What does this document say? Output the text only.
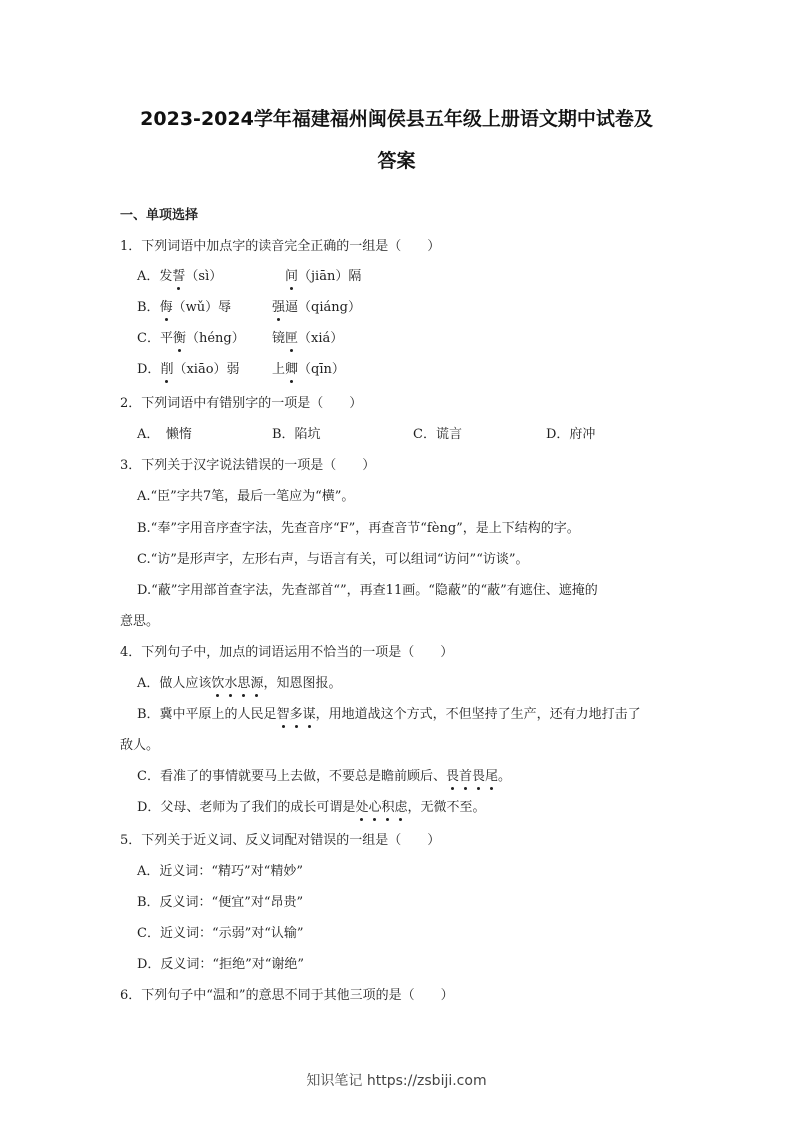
2023-2024学年福建福州闽侯县五年级上册语文期中试卷及
答案
一、单项选择
1．下列词语中加点字的读音完全正确的一组是（　　）
A．发誓（sì）	间（jiān）隔
B．侮（wǔ）辱	强逼（qiáng）
C．平衡（héng） 镜匣（xiá）
D．削（xiāo）弱 上卿（qīn）
2．下列词语中有错别字的一项是（　　）
A．　懒惰	B．陷坑	C．谎言	D．府冲
3．下列关于汉字说法错误的一项是（　　）
A.“臣”字共7笔，最后一笔应为“横”。
B.“奉”字用音序查字法，先查音序“F”，再查音节“fèng”，是上下结构的字。
C.“访”是形声字，左形右声，与语言有关，可以组词“访问”“访谈”。
D.“蔽”字用部首查字法，先查部首“”，再查11画。“隐蔽”的“蔽”有遮住、遮掩的
意思。
4．下列句子中，加点的词语运用不恰当的一项是（　　）
A．做人应该饮水思源，知恩图报。
B．冀中平原上的人民足智多谋，用地道战这个方式，不但坚持了生产，还有力地打击了
敌人。
C．看准了的事情就要马上去做，不要总是瞻前顾后、畏首畏尾。
D．父母、老师为了我们的成长可谓是处心积虑，无微不至。
5．下列关于近义词、反义词配对错误的一组是（　　）
A．近义词：“精巧”对“精妙”
B．反义词：“便宜”对“昂贵”
C．近义词：“示弱”对“认输”
D．反义词：“拒绝”对“谢绝”
6．下列句子中“温和”的意思不同于其他三项的是（　　）
知识笔记 https://zsbiji.com
